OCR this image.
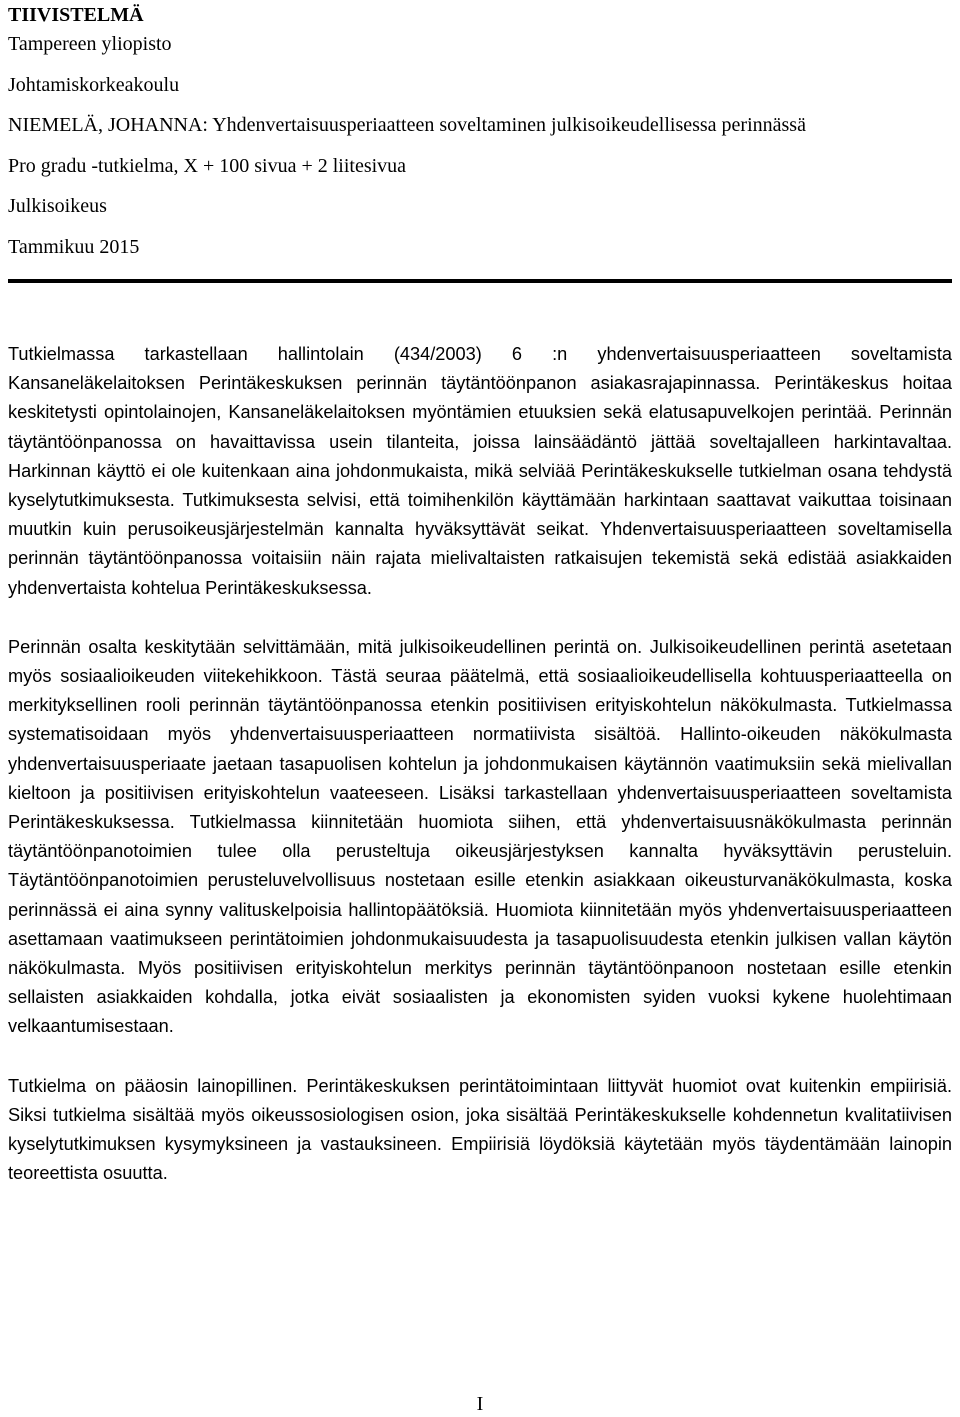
TIIVISTELMÄ

Tampereen yliopisto

Johtamiskorkeakoulu

NIEMELÄ, JOHANNA: Yhdenvertaisuusperiaatteen soveltaminen julkisoikeudellisessa perinnässä

Pro gradu -tutkielma, X + 100 sivua + 2 liitesivua

Julkisoikeus

Tammikuu 2015

Tutkielmassa tarkastellaan hallintolain (434/2003) 6 :n yhdenvertaisuusperiaatteen soveltamista Kansaneläkelaitoksen Perintäkeskuksen perinnän täytäntöönpanon asiakasrajapinnassa. Perintäkeskus hoitaa keskitetysti opintolainojen, Kansaneläkelaitoksen myöntämien etuuksien sekä elatusapuvelkojen perintää. Perinnän täytäntöönpanossa on havaittavissa usein tilanteita, joissa lainsäädäntö jättää soveltajalleen harkintavaltaa. Harkinnan käyttö ei ole kuitenkaan aina johdonmukaista, mikä selviää Perintäkeskukselle tutkielman osana tehdystä kyselytutkimuksesta. Tutkimuksesta selvisi, että toimihenkilön käyttämään harkintaan saattavat vaikuttaa toisinaan muutkin kuin perusoikeusjärjestelmän kannalta hyväksyttävät seikat. Yhdenvertaisuusperiaatteen soveltamisella perinnän täytäntöönpanossa voitaisiin näin rajata mielivaltaisten ratkaisujen tekemistä sekä edistää asiakkaiden yhdenvertaista kohtelua Perintäkeskuksessa.

Perinnän osalta keskitytään selvittämään, mitä julkisoikeudellinen perintä on. Julkisoikeudellinen perintä asetetaan myös sosiaalioikeuden viitekehikkoon. Tästä seuraa päätelmä, että sosiaalioikeudellisella kohtuusperiaatteella on merkityksellinen rooli perinnän täytäntöönpanossa etenkin positiivisen erityiskohtelun näkökulmasta. Tutkielmassa systematisoidaan myös yhdenvertaisuusperiaatteen normatiivista sisältöä. Hallinto-oikeuden näkökulmasta yhdenvertaisuusperiaate jaetaan tasapuolisen kohtelun ja johdonmukaisen käytännön vaatimuksiin sekä mielivallan kieltoon ja positiivisen erityiskohtelun vaateeseen. Lisäksi tarkastellaan yhdenvertaisuusperiaatteen soveltamista Perintäkeskuksessa. Tutkielmassa kiinnitetään huomiota siihen, että yhdenvertaisuusnäkökulmasta perinnän täytäntöönpanotoimien tulee olla perusteltuja oikeusjärjestyksen kannalta hyväksyttävin perusteluin. Täytäntöönpanotoimien perusteluvelvollisuus nostetaan esille etenkin asiakkaan oikeusturvanäkökulmasta, koska perinnässä ei aina synny valituskelpoisia hallintopäätöksiä. Huomiota kiinnitetään myös yhdenvertaisuusperiaatteen asettamaan vaatimukseen perintätoimien johdonmukaisuudesta ja tasapuolisuudesta etenkin julkisen vallan käytön näkökulmasta. Myös positiivisen erityiskohtelun merkitys perinnän täytäntöönpanoon nostetaan esille etenkin sellaisten asiakkaiden kohdalla, jotka eivät sosiaalisten ja ekonomisten syiden vuoksi kykene huolehtimaan velkaantumisestaan.

Tutkielma on pääosin lainopillinen. Perintäkeskuksen perintätoimintaan liittyvät huomiot ovat kuitenkin empiirisiä. Siksi tutkielma sisältää myös oikeussosiologisen osion, joka sisältää Perintäkeskukselle kohdennetun kvalitatiivisen kyselytutkimuksen kysymyksineen ja vastauksineen. Empiirisiä löydöksiä käytetään myös täydentämään lainopin teoreettista osuutta.

I
